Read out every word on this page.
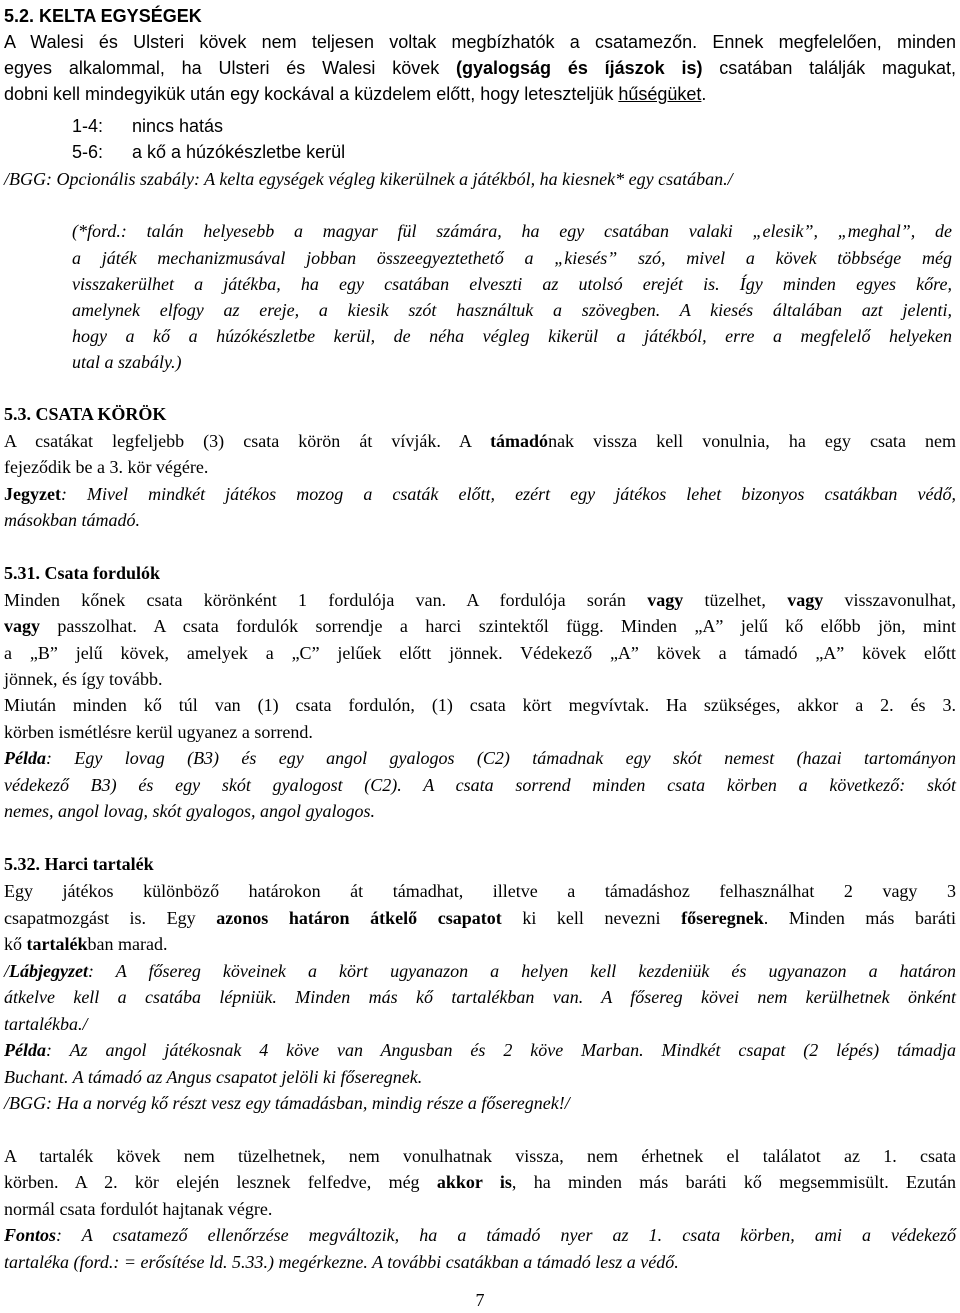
5.2. KELTA EGYSÉGEK
A Walesi és Ulsteri kövek nem teljesen voltak megbízhatók a csatamezőn. Ennek megfelelően, minden
egyes alkalommal, ha Ulsteri és Walesi kövek (gyalogság és íjászok is) csatában találják magukat,
dobni kell mindegyikük után egy kockával a küzdelem előtt, hogy leteszteljük hűségüket.
1-4: nincs hatás
5-6: a kő a húzókészletbe kerül
/BGG: Opcionális szabály: A kelta egységek végleg kikerülnek a játékból, ha kiesnek* egy csatában./
(*ford.: talán helyesebb a magyar fül számára, ha egy csatában valaki „elesik”, „meghal”, de
a játék mechanizmusával jobban összeegyeztethető a „kiesés” szó, mivel a kövek többsége még
visszakerülhet a játékba, ha egy csatában elveszti az utolsó erejét is. Így minden egyes kőre,
amelynek elfogy az ereje, a kiesik szót használtuk a szövegben. A kiesés általában azt jelenti,
hogy a kő a húzókészletbe kerül, de néha végleg kikerül a játékból, erre a megfelelő helyeken
utal a szabály.)
5.3. CSATA KÖRÖK
A csatákat legfeljebb (3) csata körön át vívják. A támadónak vissza kell vonulnia, ha egy csata nem
fejeződik be a 3. kör végére.
Jegyzet: Mivel mindkét játékos mozog a csaták előtt, ezért egy játékos lehet bizonyos csatákban védő,
másokban támadó.
5.31. Csata fordulók
Minden kőnek csata körönként 1 fordulója van. A fordulója során vagy tüzelhet, vagy visszavonulhat,
vagy passzolhat. A csata fordulók sorrendje a harci szintektől függ. Minden „A” jelű kő előbb jön, mint
a „B” jelű kövek, amelyek a „C” jelűek előtt jönnek. Védekező „A” kövek a támadó „A” kövek előtt
jönnek, és így tovább.
Miután minden kő túl van (1) csata fordulón, (1) csata kört megvívtak. Ha szükséges, akkor a 2. és 3.
körben ismétlésre kerül ugyanez a sorrend.
Példa: Egy lovag (B3) és egy angol gyalogos (C2) támadnak egy skót nemest (hazai tartományon
védekező B3) és egy skót gyalogost (C2). A csata sorrend minden csata körben a következő: skót
nemes, angol lovag, skót gyalogos, angol gyalogos.
5.32. Harci tartalék
Egy játékos különböző határokon át támadhat, illetve a támadáshoz felhasználhat 2 vagy 3
csapatmozgást is. Egy azonos határon átkelő csapatot ki kell nevezni főseregnek. Minden más baráti
kő tartalékban marad.
/Lábjegyzet: A fősereg köveinek a kört ugyanazon a helyen kell kezdeniük és ugyanazon a határon
átkelve kell a csatába lépniük. Minden más kő tartalékban van. A fősereg kövei nem kerülhetnek önként
tartalékba./
Példa: Az angol játékosnak 4 köve van Angusban és 2 köve Marban. Mindkét csapat (2 lépés) támadja
Buchant. A támadó az Angus csapatot jelöli ki főseregnek.
/BGG: Ha a norvég kő részt vesz egy támadásban, mindig része a főseregnek!/
A tartalék kövek nem tüzelhetnek, nem vonulhatnak vissza, nem érhetnek el találatot az 1. csata
körben. A 2. kör elején lesznek felfedve, még akkor is, ha minden más baráti kő megsemmisült. Ezután
normál csata fordulót hajtanak végre.
Fontos: A csatamező ellenőrzése megváltozik, ha a támadó nyer az 1. csata körben, ami a védekező
tartaléka (ford.: = erősítése ld. 5.33.) megérkezne. A további csatákban a támadó lesz a védő.
7
